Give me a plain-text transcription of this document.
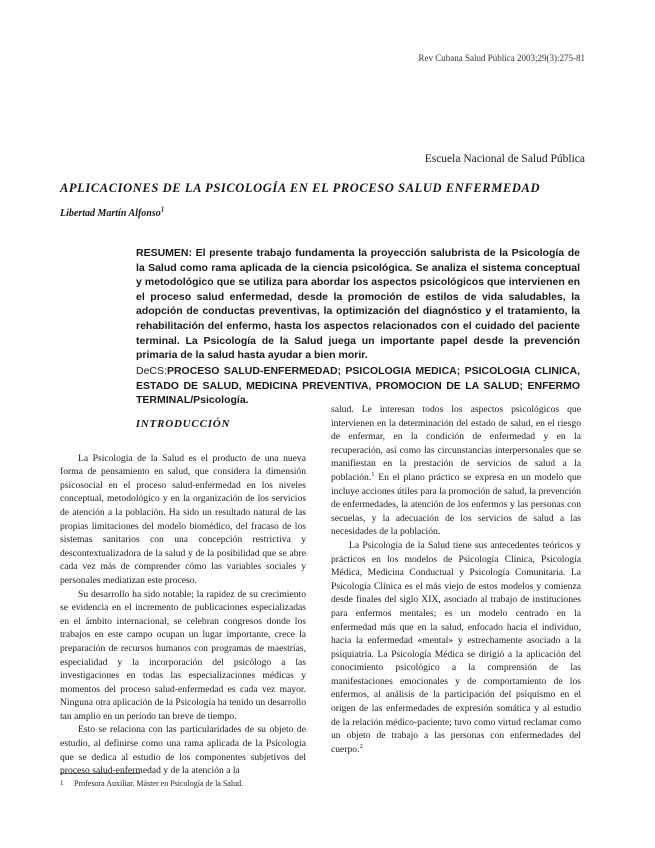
Rev Cubana Salud Pública 2003;29(3):275-81
Escuela Nacional de Salud Pública
APLICACIONES DE LA PSICOLOGÍA EN EL PROCESO SALUD ENFERMEDAD
Libertad Martín Alfonso$^1$

RESUMEN: El presente trabajo fundamenta la proyección salubrista de la Psicología de la Salud como rama aplicada de la ciencia psicológica. Se analiza el sistema conceptual y metodológico que se utiliza para abordar los aspectos psicológicos que intervienen en el proceso salud enfermedad, desde la promoción de estilos de vida saludables, la adopción de conductas preventivas, la optimización del diagnóstico y el tratamiento, la rehabilitación del enfermo, hasta los aspectos relacionados con el cuidado del paciente terminal. La Psicología de la Salud juega un importante papel desde la prevención primaria de la salud hasta ayudar a bien morir.

DeCS:PROCESO SALUD-ENFERMEDAD; PSICOLOGIA MEDICA; PSICOLOGIA CLINICA, ESTADO DE SALUD, MEDICINA PREVENTIVA, PROMOCION DE LA SALUD; ENFERMO TERMINAL/Psicología.

INTRODUCCIÓN

La Psicología de la Salud es el producto de una nueva forma de pensamiento en salud, que considera la dimensión psicosocial en el proceso salud-enfermedad en los niveles conceptual, metodológico y en la organización de los servicios de atención a la población. Ha sido un resultado natural de las propias limitaciones del modelo biomédico, del fracaso de los sistemas sanitarios con una concepción restrictiva y descontextualizadora de la salud y de la posibilidad que se abre cada vez más de comprender cómo las variables sociales y personales mediatizan este proceso.

Su desarrollo ha sido notable; la rapidez de su crecimiento se evidencia en el incremento de publicaciones especializadas en el ámbito internacional, se celebran congresos donde los trabajos en este campo ocupan un lugar importante, crece la preparación de recursos humanos con programas de maestrías, especialidad y la incorporación del psicólogo a las investigaciones en todas las especializaciones médicas y momentos del proceso salud-enfermedad es cada vez mayor. Ninguna otra aplicación de la Psicología ha tenido un desarrollo tan amplio en un período tan breve de tiempo.

Esto se relaciona con las particularidades de su objeto de estudio, al definirse como una rama aplicada de la Psicología que se dedica al estudio de los componentes subjetivos del proceso salud-enfermedad y de la atención a la

salud. Le interesan todos los aspectos psicológicos que intervienen en la determinación del estado de salud, en el riesgo de enfermar, en la condición de enfermedad y en la recuperación, así como las circunstancias interpersonales que se manifiestan en la prestación de servicios de salud a la población.$^1$ En el plano práctico se expresa en un modelo que incluye acciones útiles para la promoción de salud, la prevención de enfermedades, la atención de los enfermos y las personas con secuelas, y la adecuación de los servicios de salud a las necesidades de la población.

La Psicología de la Salud tiene sus antecedentes teóricos y prácticos en los modelos de Psicología Clínica, Psicología Médica, Medicina Conductual y Psicología Comunitaria. La Psicología Clínica es el más viejo de estos modelos y comienza desde finales del siglo XIX, asociado al trabajo de instituciones para enfermos mentales; es un modelo centrado en la enfermedad más que en la salud, enfocado hacia el individuo, hacia la enfermedad «mental» y estrechamente asociado a la psiquiatría. La Psicología Médica se dirigió a la aplicación del conocimiento psicológico a la comprensión de las manifestaciones emocionales y de comportamiento de los enfermos, al análisis de la participación del psiquismo en el origen de las enfermedades de expresión somática y al estudio de la relación médico-paciente; tuvo como virtud reclamar como un objeto de trabajo a las personas con enfermedades del cuerpo.$^2$

1 Profesora Auxiliar. Máster en Psicología de la Salud.
